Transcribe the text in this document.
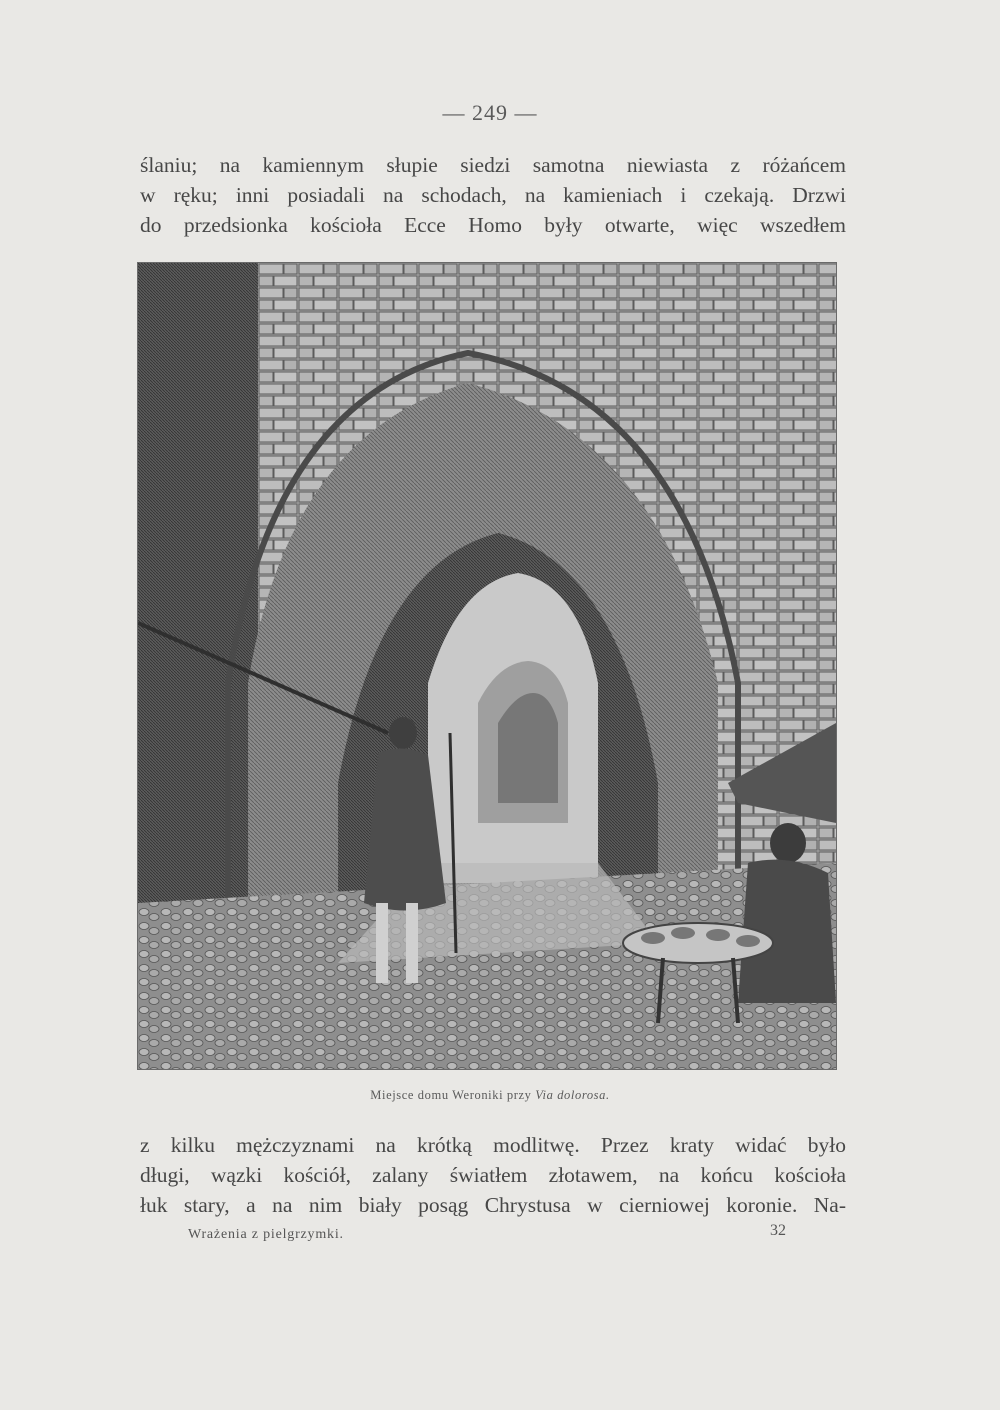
— 249 —
ślaniu; na kamiennym słupie siedzi samotna niewiasta z różańcem
w ręku; inni posiadali na schodach, na kamieniach i czekają. Drzwi
do przedsionka kościoła Ecce Homo były otwarte, więc wszedłem
Miejsce domu Weroniki przy Via dolorosa.
z kilku mężczyznami na krótką modlitwę. Przez kraty widać było
długi, wązki kościół, zalany światłem złotawem, na końcu kościoła
łuk stary, a na nim biały posąg Chrystusa w cierniowej koronie. Na-
Wrażenia z pielgrzymki.	32
